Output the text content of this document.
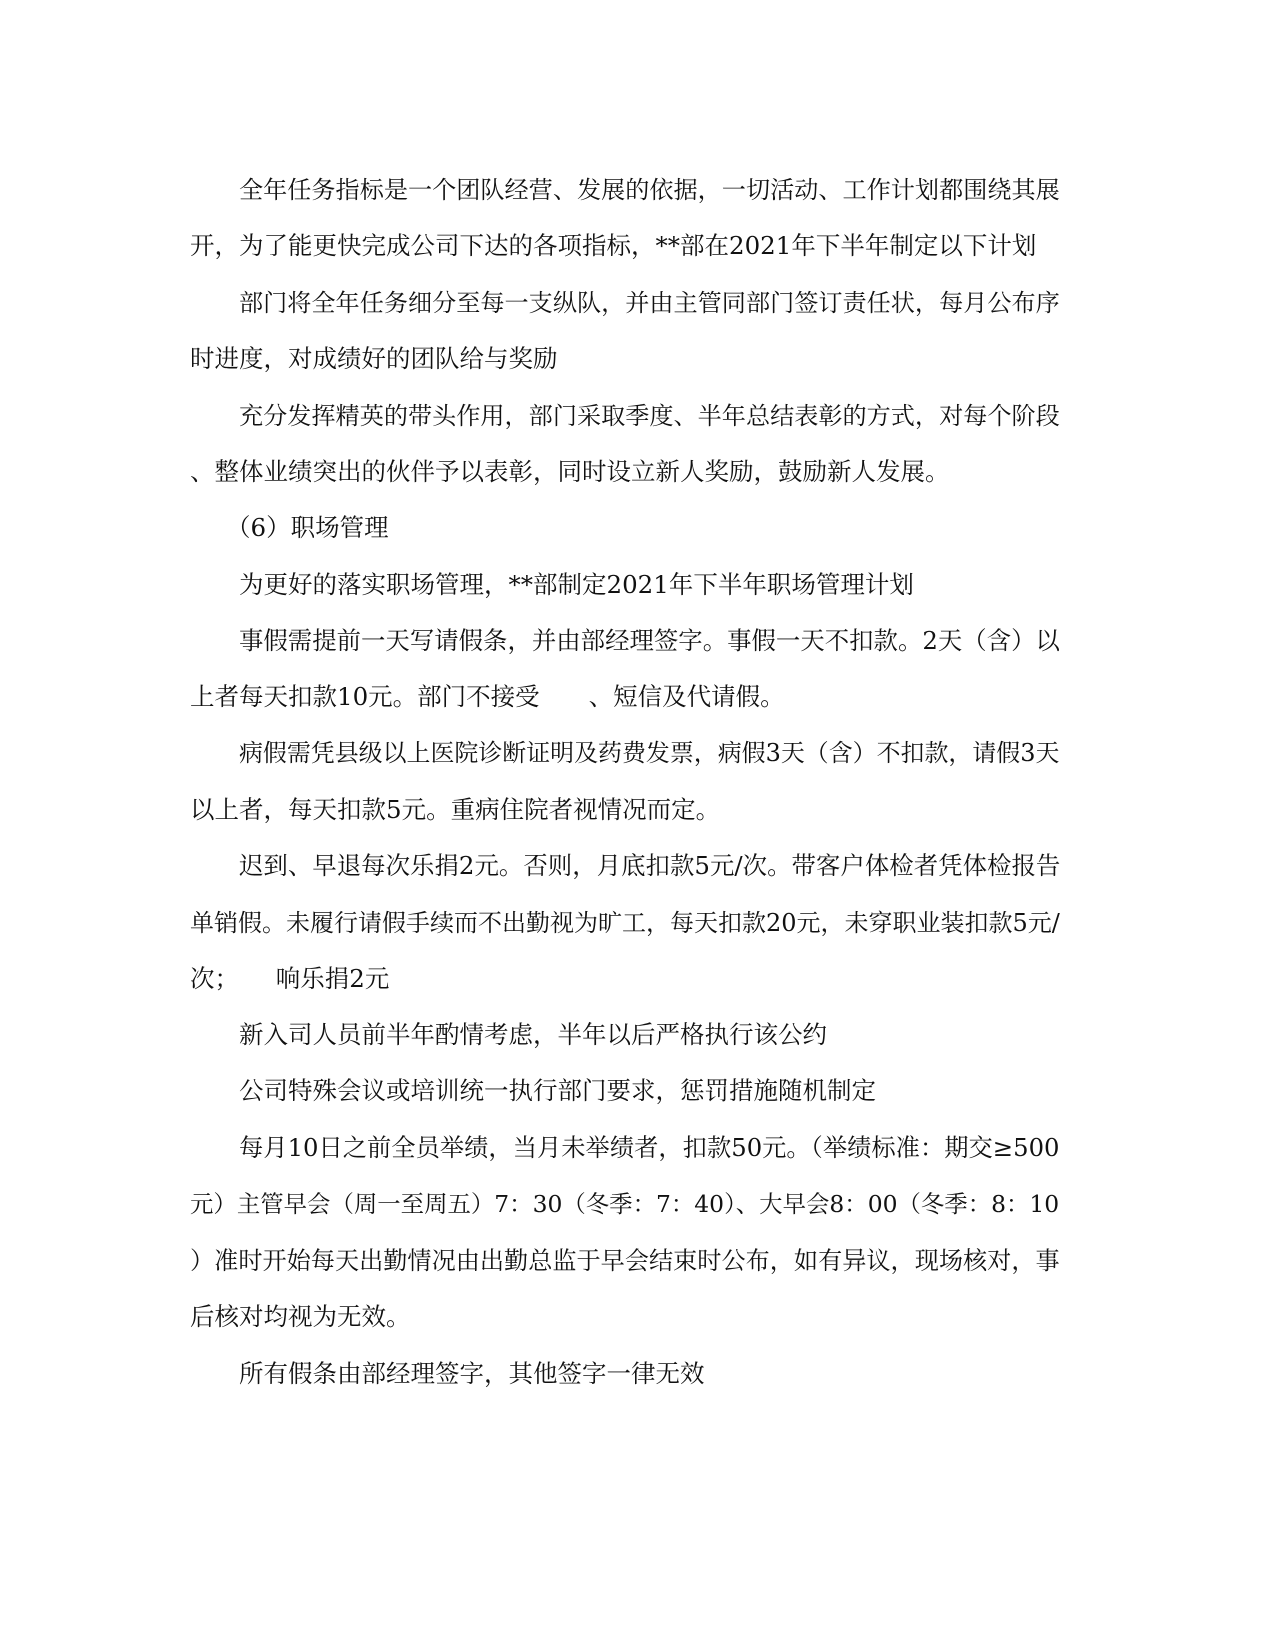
全年任务指标是一个团队经营、发展的依据，一切活动、工作计划都围绕其展
开，为了能更快完成公司下达的各项指标，**部在2021年下半年制定以下计划
部门将全年任务细分至每一支纵队，并由主管同部门签订责任状，每月公布序
时进度，对成绩好的团队给与奖励
充分发挥精英的带头作用，部门采取季度、半年总结表彰的方式，对每个阶段
、整体业绩突出的伙伴予以表彰，同时设立新人奖励，鼓励新人发展。
（6）职场管理
为更好的落实职场管理，**部制定2021年下半年职场管理计划
事假需提前一天写请假条，并由部经理签字。事假一天不扣款。2天（含）以
上者每天扣款10元。部门不接受　　、短信及代请假。
病假需凭县级以上医院诊断证明及药费发票，病假3天（含）不扣款，请假3天
以上者，每天扣款5元。重病住院者视情况而定。
迟到、早退每次乐捐2元。否则，月底扣款5元/次。带客户体检者凭体检报告
单销假。未履行请假手续而不出勤视为旷工，每天扣款20元，未穿职业装扣款5元/
次；　　响乐捐2元
新入司人员前半年酌情考虑，半年以后严格执行该公约
公司特殊会议或培训统一执行部门要求，惩罚措施随机制定
每月10日之前全员举绩，当月未举绩者，扣款50元。（举绩标准：期交≥500
元）主管早会（周一至周五）7：30（冬季：7：40）、大早会8：00（冬季：8：10
）准时开始每天出勤情况由出勤总监于早会结束时公布，如有异议，现场核对，事
后核对均视为无效。
所有假条由部经理签字，其他签字一律无效
